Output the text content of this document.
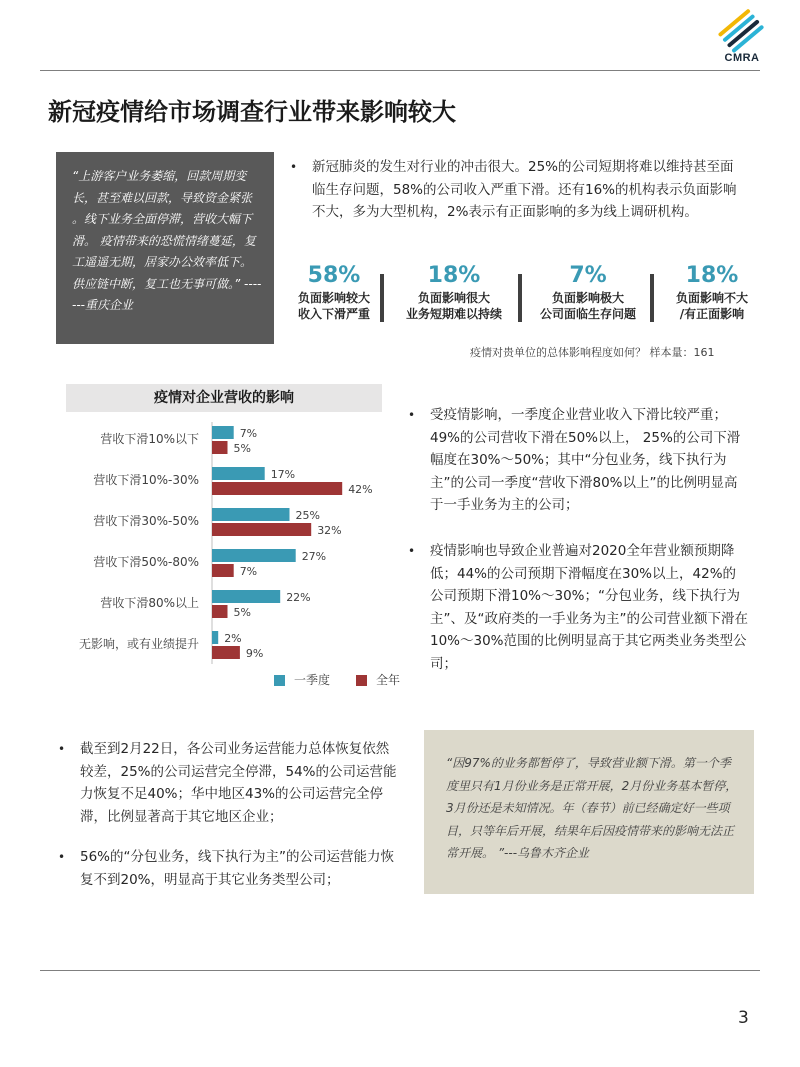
CMRA
新冠疫情给市场调查行业带来影响较大
“上游客户业务萎缩，回款周期变长，甚至难以回款，导致资金紧张 。线下业务全面停滞，营收大幅下滑。 疫情带来的恐慌情绪蔓延，复工遥遥无期，居家办公效率低下。 供应链中断，复工也无事可做。” -------重庆企业
• 新冠肺炎的发生对行业的冲击很大。25%的公司短期将难以维持甚至面临生存问题，58%的公司收入严重下滑。还有16%的机构表示负面影响不大，多为大型机构，2%表示有正面影响的多为线上调研机构。
58%
负面影响较大
收入下滑严重
18%
负面影响很大
业务短期难以持续
7%
负面影响极大
公司面临生存问题
18%
负面影响不大
/有正面影响
疫情对贵单位的总体影响程度如何？ 样本量：161
疫情对企业营收的影响
营收下滑10%以下	7%
5%
营收下滑10%-30%	17%
42%
营收下滑30%-50%	25%
32%
营收下滑50%-80%	27%
7%
营收下滑80%以上	22%
5%
无影响，或有业绩提升 2%
9%
一季度	全年
• 受疫情影响，一季度企业营业收入下滑比较严重；49%的公司营收下滑在50%以上， 25%的公司下滑幅度在30%～50%；其中“分包业务，线下执行为主”的公司一季度“营收下滑80%以上”的比例明显高于一手业务为主的公司；
• 疫情影响也导致企业普遍对2020全年营业额预期降低；44%的公司预期下滑幅度在30%以上，42%的公司预期下滑10%～30%；“分包业务，线下执行为主”、及“政府类的一手业务为主”的公司营业额下滑在10%～30%范围的比例明显高于其它两类业务类型公司；
• 截至到2月22日，各公司业务运营能力总体恢复依然较差，25%的公司运营完全停滞，54%的公司运营能力恢复不足40%；华中地区43%的公司运营完全停滞，比例显著高于其它地区企业；
• 56%的“分包业务，线下执行为主”的公司运营能力恢复不到20%，明显高于其它业务类型公司；
“因97%的业务都暂停了，导致营业额下滑。第一个季度里只有1月份业务是正常开展，2月份业务基本暂停，3月份还是未知情况。年（春节）前已经确定好一些项目，只等年后开展，结果年后因疫情带来的影响无法正常开展。 ”---乌鲁木齐企业
3
